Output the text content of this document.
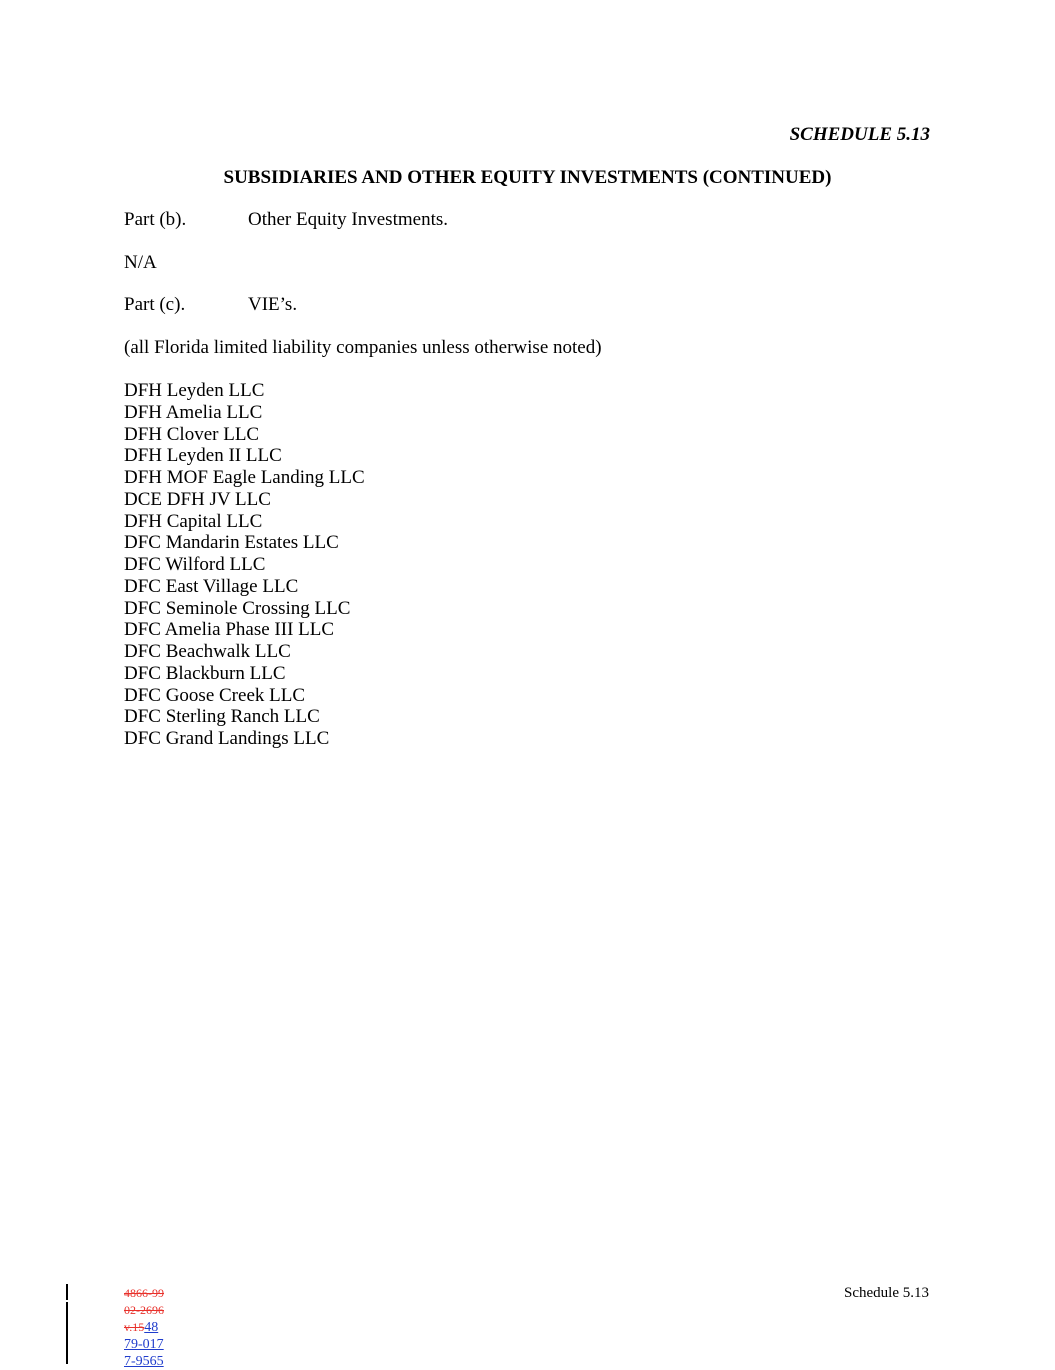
SCHEDULE 5.13
SUBSIDIARIES AND OTHER EQUITY INVESTMENTS (CONTINUED)
Part (b).	Other Equity Investments.
N/A
Part (c).	VIE’s.
(all Florida limited liability companies unless otherwise noted)
DFH Leyden LLC
DFH Amelia LLC
DFH Clover LLC
DFH Leyden II LLC
DFH MOF Eagle Landing LLC
DCE DFH JV LLC
DFH Capital LLC
DFC Mandarin Estates LLC
DFC Wilford LLC
DFC East Village LLC
DFC Seminole Crossing LLC
DFC Amelia Phase III LLC
DFC Beachwalk LLC
DFC Blackburn LLC
DFC Goose Creek LLC
DFC Sterling Ranch LLC
DFC Grand Landings LLC
4866-99
02-2696
v.1548
79-017
7-9565
Schedule 5.13
